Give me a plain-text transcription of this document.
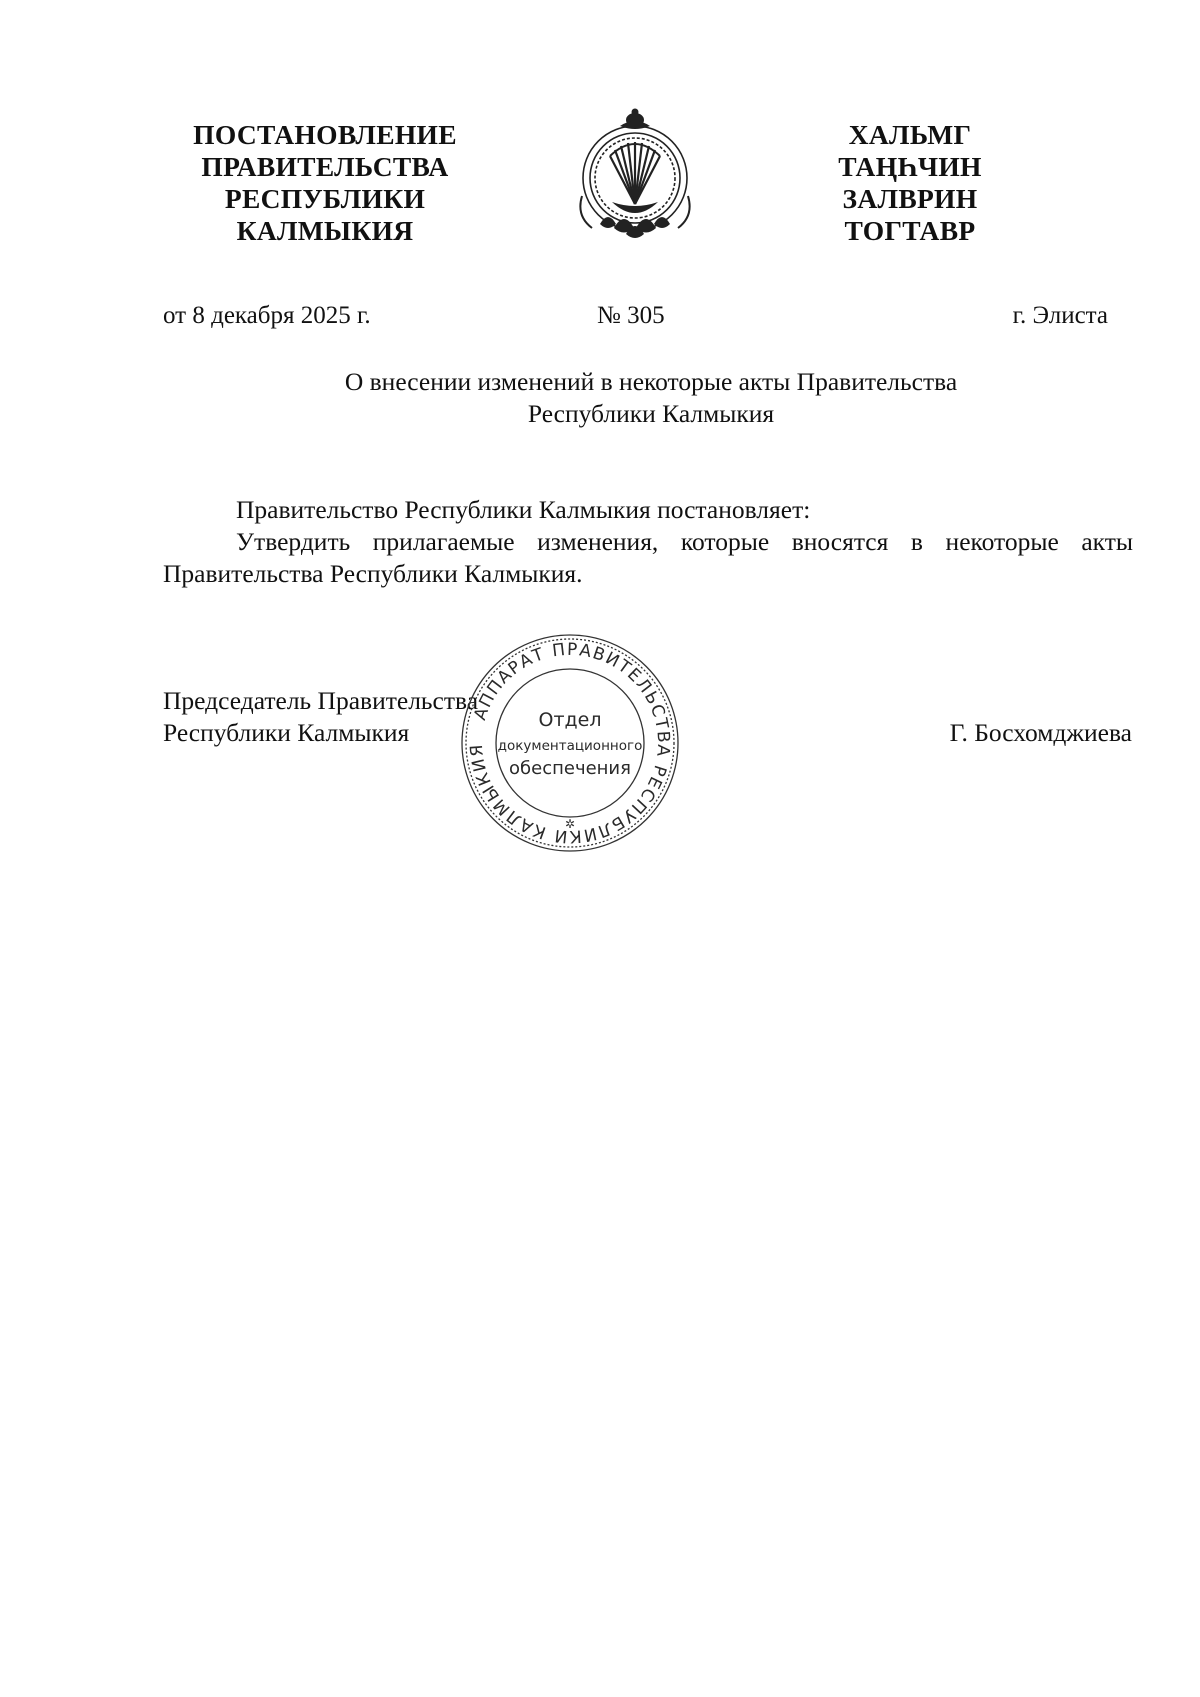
ПОСТАНОВЛЕНИЕ
ПРАВИТЕЛЬСТВА
РЕСПУБЛИКИ
КАЛМЫКИЯ
ХАЛЬМГ
ТАҢҺЧИН
ЗАЛВРИН
ТОГТАВР
от 8 декабря 2025 г.	№ 305	г. Элиста
О внесении изменений в некоторые акты Правительства
Республики Калмыкия
Правительство Республики Калмыкия постановляет:
Утвердить прилагаемые изменения, которые вносятся в некоторые акты Правительства Республики Калмыкия.
Председатель Правительства
Республики Калмыкия	Г. Босхомджиева
АППАРАТ ПРАВИТЕЛЬСТВА РЕСПУБЛИКИ КАЛМЫКИЯ
Отдел
документационного
обеспечения
✲
